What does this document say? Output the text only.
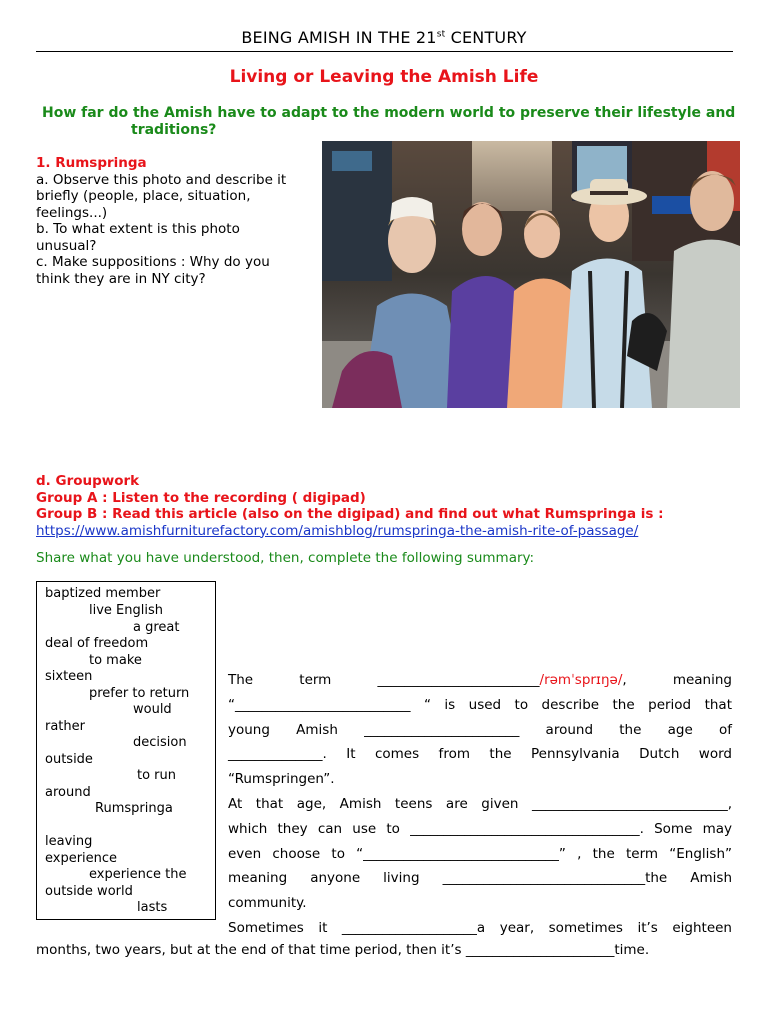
BEING AMISH IN THE 21st CENTURY
Living or Leaving the Amish Life
How far do the Amish have to adapt to the modern world to preserve their lifestyle and
traditions?
1. Rumspringa
a. Observe this photo and describe it
briefly (people, place, situation,
feelings...)
b. To what extent is this photo
unusual?
c. Make suppositions : Why do you
think they are in NY city?
d. Groupwork
Group A : Listen to the recording ( digipad)
Group B : Read this article (also on the digipad) and find out what Rumspringa is :
https://www.amishfurniturefactory.com/amishblog/rumspringa-the-amish-rite-of-passage/
Share what you have understood, then, complete the following summary:
baptized member
live English
a great
deal of freedom
to make
sixteen
prefer to return
would
rather
decision
outside
to run
around
Rumspringa
leaving
experience
experience the
outside world
lasts
The term ________________________/rəmˈsprɪŋə/, meaning
“__________________________ “ is used to describe the period that
young Amish _______________________ around the age of
______________. It comes from the Pennsylvania Dutch word
“Rumspringen”.
At that age, Amish teens are given _____________________________,
which they can use to __________________________________. Some may
even choose to “_____________________________” , the term “English”
meaning anyone living ______________________________the Amish
community.
Sometimes it ____________________a year, sometimes it’s eighteen
months, two years, but at the end of that time period, then it’s ______________________time.
